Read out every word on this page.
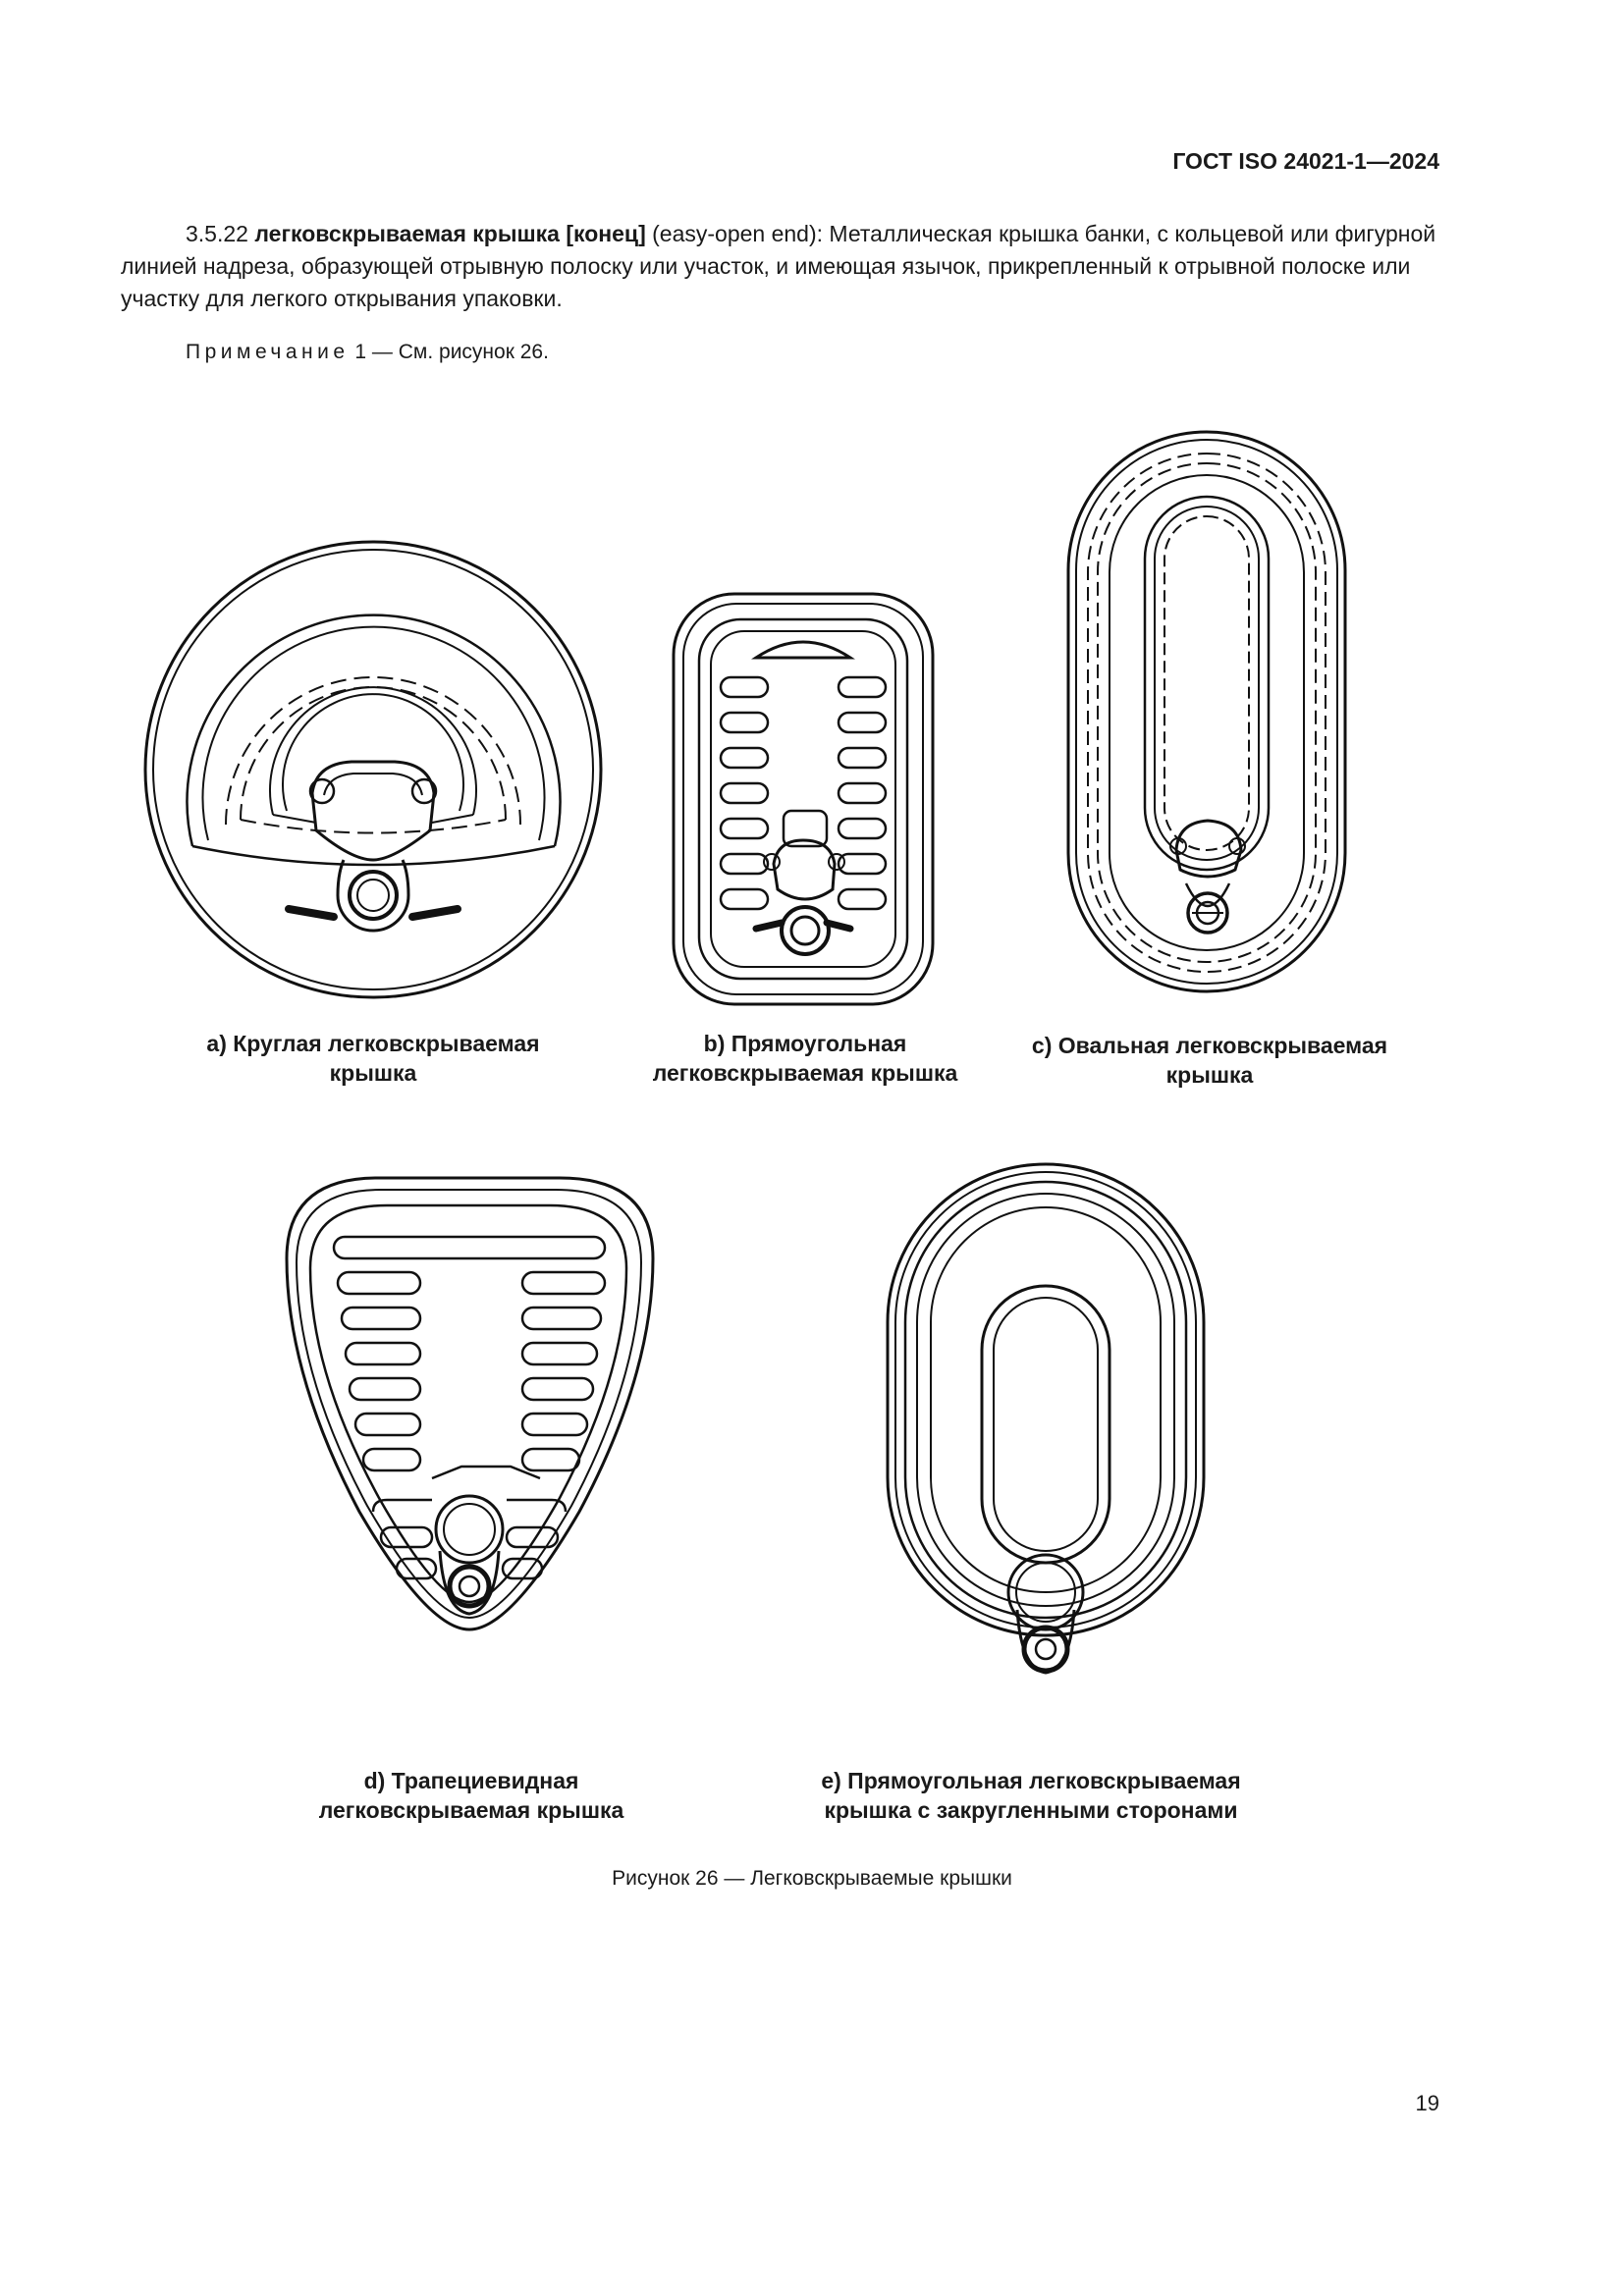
ГОСТ ISO 24021-1—2024
3.5.22 легковскрываемая крышка [конец] (easy-open end): Металлическая крышка банки, с кольцевой или фигурной линией надреза, образующей отрывную полоску или участок, и имеющая язычок, прикрепленный к отрывной полоске или участку для легкого открывания упаковки.
Примечание 1 — См. рисунок 26.
а) Круглая легковскрываемая
крышка
b) Прямоугольная
легковскрываемая крышка
с) Овальная легковскрываемая
крышка
d) Трапециевидная
легковскрываемая крышка
е) Прямоугольная легковскрываемая
крышка с закругленными сторонами
Рисунок 26 — Легковскрываемые крышки
19
